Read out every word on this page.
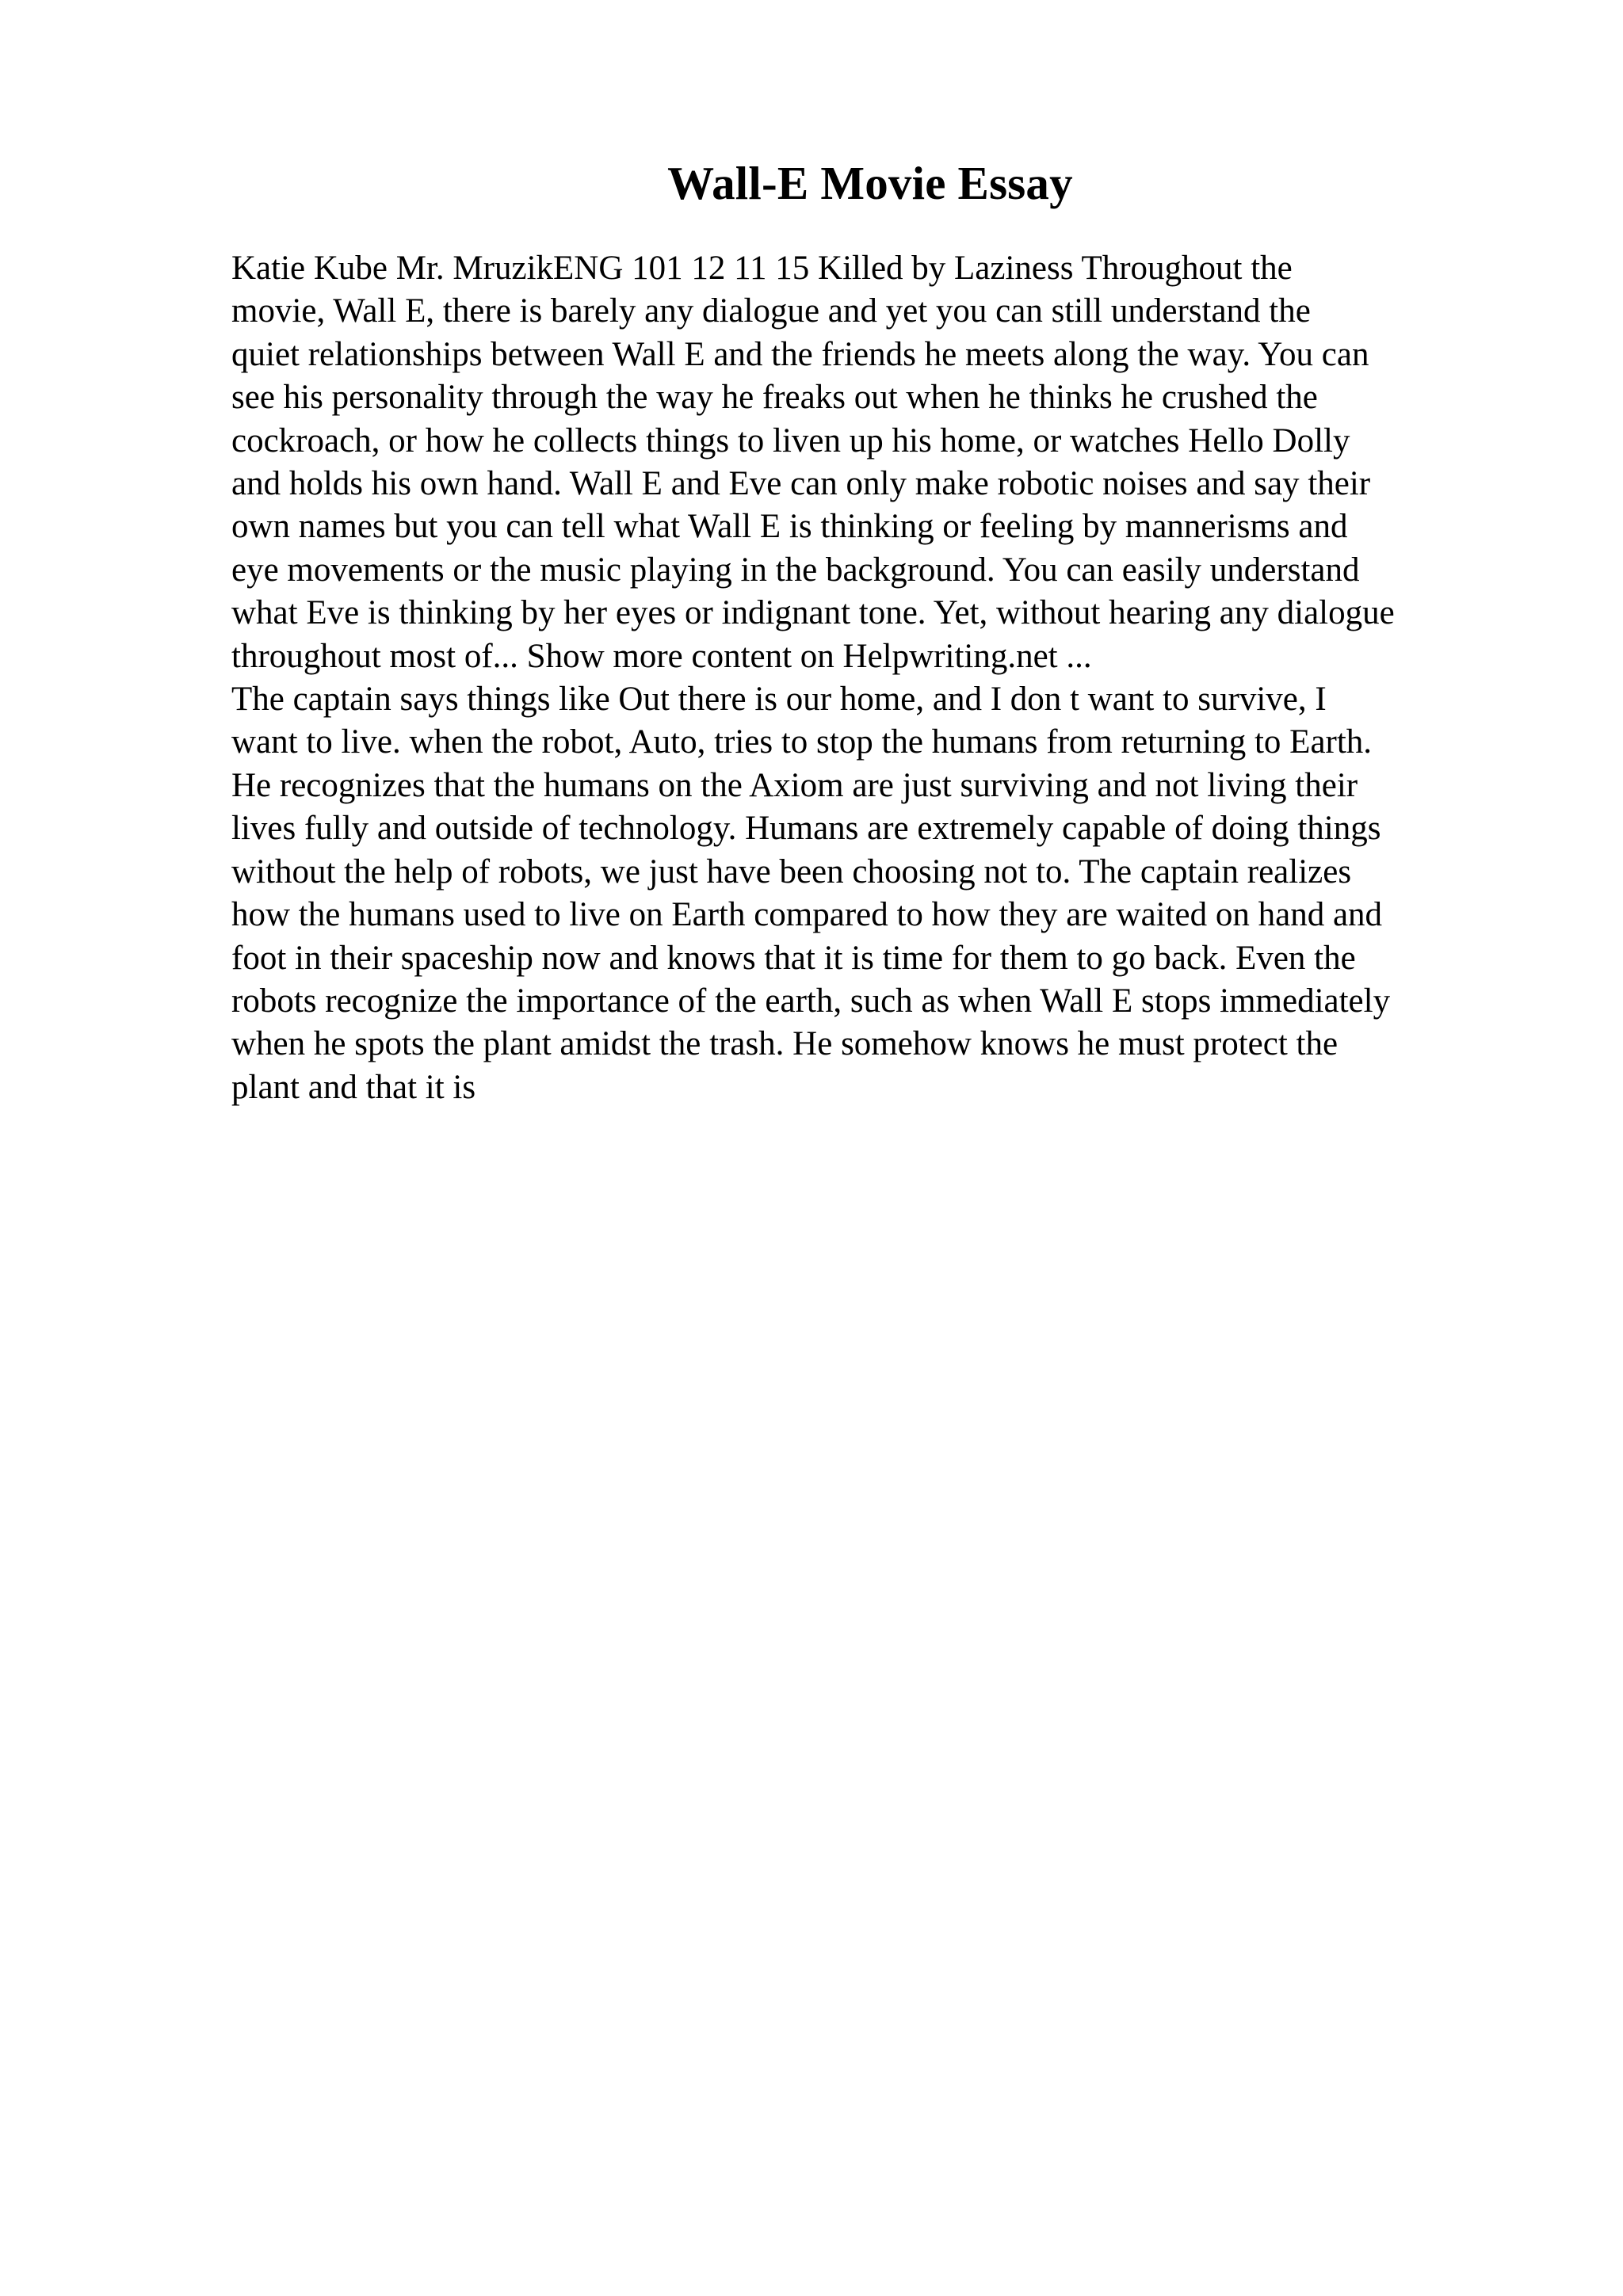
Wall-E Movie Essay
Katie Kube Mr. MruzikENG 101 12 11 15 Killed by Laziness Throughout the
movie, Wall E, there is barely any dialogue and yet you can still understand the
quiet relationships between Wall E and the friends he meets along the way. You can
see his personality through the way he freaks out when he thinks he crushed the
cockroach, or how he collects things to liven up his home, or watches Hello Dolly
and holds his own hand. Wall E and Eve can only make robotic noises and say their
own names but you can tell what Wall E is thinking or feeling by mannerisms and
eye movements or the music playing in the background. You can easily understand
what Eve is thinking by her eyes or indignant tone. Yet, without hearing any dialogue
throughout most of... Show more content on Helpwriting.net ...
The captain says things like Out there is our home, and I don t want to survive, I
want to live. when the robot, Auto, tries to stop the humans from returning to Earth.
He recognizes that the humans on the Axiom are just surviving and not living their
lives fully and outside of technology. Humans are extremely capable of doing things
without the help of robots, we just have been choosing not to. The captain realizes
how the humans used to live on Earth compared to how they are waited on hand and
foot in their spaceship now and knows that it is time for them to go back. Even the
robots recognize the importance of the earth, such as when Wall E stops immediately
when he spots the plant amidst the trash. He somehow knows he must protect the
plant and that it is
